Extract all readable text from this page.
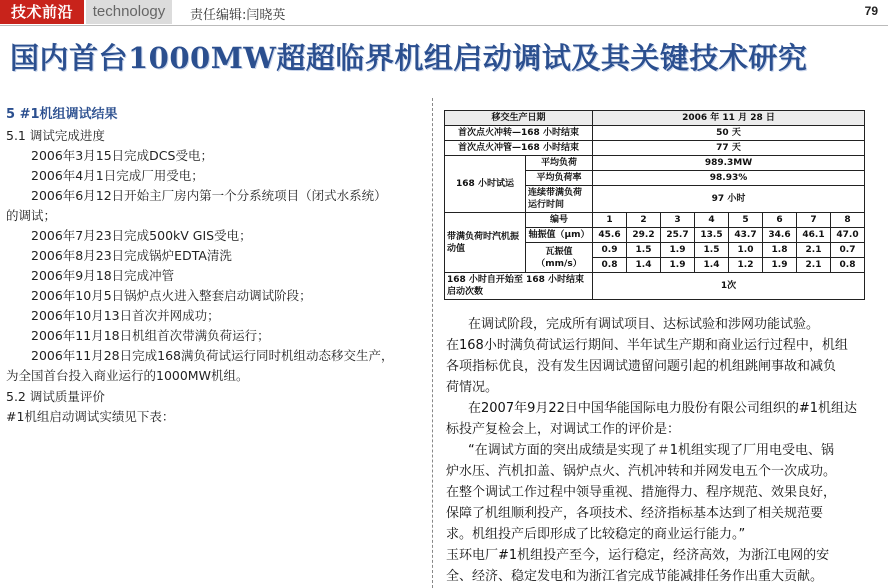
技术前沿	technology	责任编辑:闫晓英	79
国内首台1000MW超超临界机组启动调试及其关键技术研究
5 #1机组调试结果
5.1 调试完成进度
2006年3月15日完成DCS受电；
2006年4月1日完成厂用受电；
2006年6月12日开始主厂房内第一个分系统项目（闭式水系统）
的调试；
2006年7月23日完成500kV GIS受电；
2006年8月23日完成锅炉EDTA清洗
2006年9月18日完成冲管
2006年10月5日锅炉点火进入整套启动调试阶段；
2006年10月13日首次并网成功；
2006年11月18日机组首次带满负荷运行；
2006年11月28日完成168满负荷试运行同时机组动态移交生产，
为全国首台投入商业运行的1000MW机组。
5.2 调试质量评价
#1机组启动调试实绩见下表：
移交生产日期		2006 年 11 月 28 日							
首次点火冲转—168 小时结束		50 天							
首次点火冲管—168 小时结束		77 天							
168 小时试运	平均负荷	989.3MW							
	平均负荷率	98.93%							
	连续带满负荷运行时间	97 小时							
带满负荷时汽机振动值	编号	1	2	3	4	5	6	7	8
	轴振值（μm）	45.6	29.2	25.7	13.5	43.7	34.6	46.1	47.0
	瓦振值（mm/s）	0.9	1.5	1.9	1.5	1.0	1.8	2.1	0.7
		0.8	1.4	1.9	1.4	1.2	1.9	2.1	0.8
168 小时自开始至 168 小时结束启动次数		1次							
在调试阶段，完成所有调试项目、达标试验和涉网功能试验。
在168小时满负荷试运行期间、半年试生产期和商业运行过程中，机组
各项指标优良，没有发生因调试遗留问题引起的机组跳闸事故和减负
荷情况。
在2007年9月22日中国华能国际电力股份有限公司组织的#1机组达
标投产复检会上，对调试工作的评价是：
“在调试方面的突出成绩是实现了＃1机组实现了厂用电受电、锅
炉水压、汽机扣盖、锅炉点火、汽机冲转和并网发电五个一次成功。
在整个调试工作过程中领导重视、措施得力、程序规范、效果良好，
保障了机组顺利投产，各项技术、经济指标基本达到了相关规范要
求。机组投产后即形成了比较稳定的商业运行能力。”
玉环电厂#1机组投产至今，运行稳定，经济高效，为浙江电网的安
全、经济、稳定发电和为浙江省完成节能减排任务作出重大贡献。
